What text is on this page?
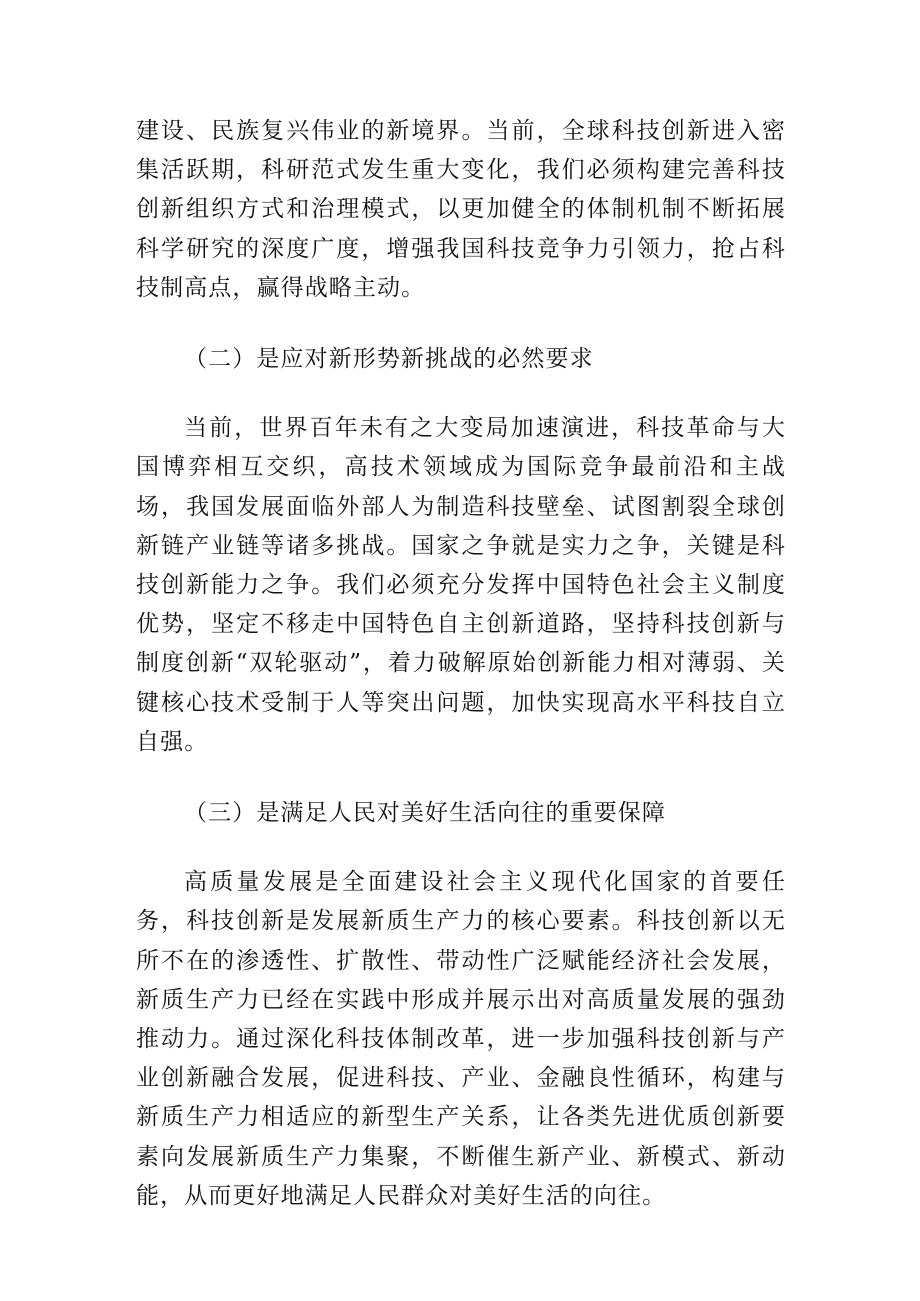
建设、民族复兴伟业的新境界。当前，全球科技创新进入密集活跃期，科研范式发生重大变化，我们必须构建完善科技创新组织方式和治理模式，以更加健全的体制机制不断拓展科学研究的深度广度，增强我国科技竞争力引领力，抢占科技制高点，赢得战略主动。

（二）是应对新形势新挑战的必然要求

当前，世界百年未有之大变局加速演进，科技革命与大国博弈相互交织，高技术领域成为国际竞争最前沿和主战场，我国发展面临外部人为制造科技壁垒、试图割裂全球创新链产业链等诸多挑战。国家之争就是实力之争，关键是科技创新能力之争。我们必须充分发挥中国特色社会主义制度优势，坚定不移走中国特色自主创新道路，坚持科技创新与制度创新“双轮驱动”，着力破解原始创新能力相对薄弱、关键核心技术受制于人等突出问题，加快实现高水平科技自立自强。

（三）是满足人民对美好生活向往的重要保障

高质量发展是全面建设社会主义现代化国家的首要任务，科技创新是发展新质生产力的核心要素。科技创新以无所不在的渗透性、扩散性、带动性广泛赋能经济社会发展，新质生产力已经在实践中形成并展示出对高质量发展的强劲推动力。通过深化科技体制改革，进一步加强科技创新与产业创新融合发展，促进科技、产业、金融良性循环，构建与新质生产力相适应的新型生产关系，让各类先进优质创新要素向发展新质生产力集聚，不断催生新产业、新模式、新动能，从而更好地满足人民群众对美好生活的向往。
